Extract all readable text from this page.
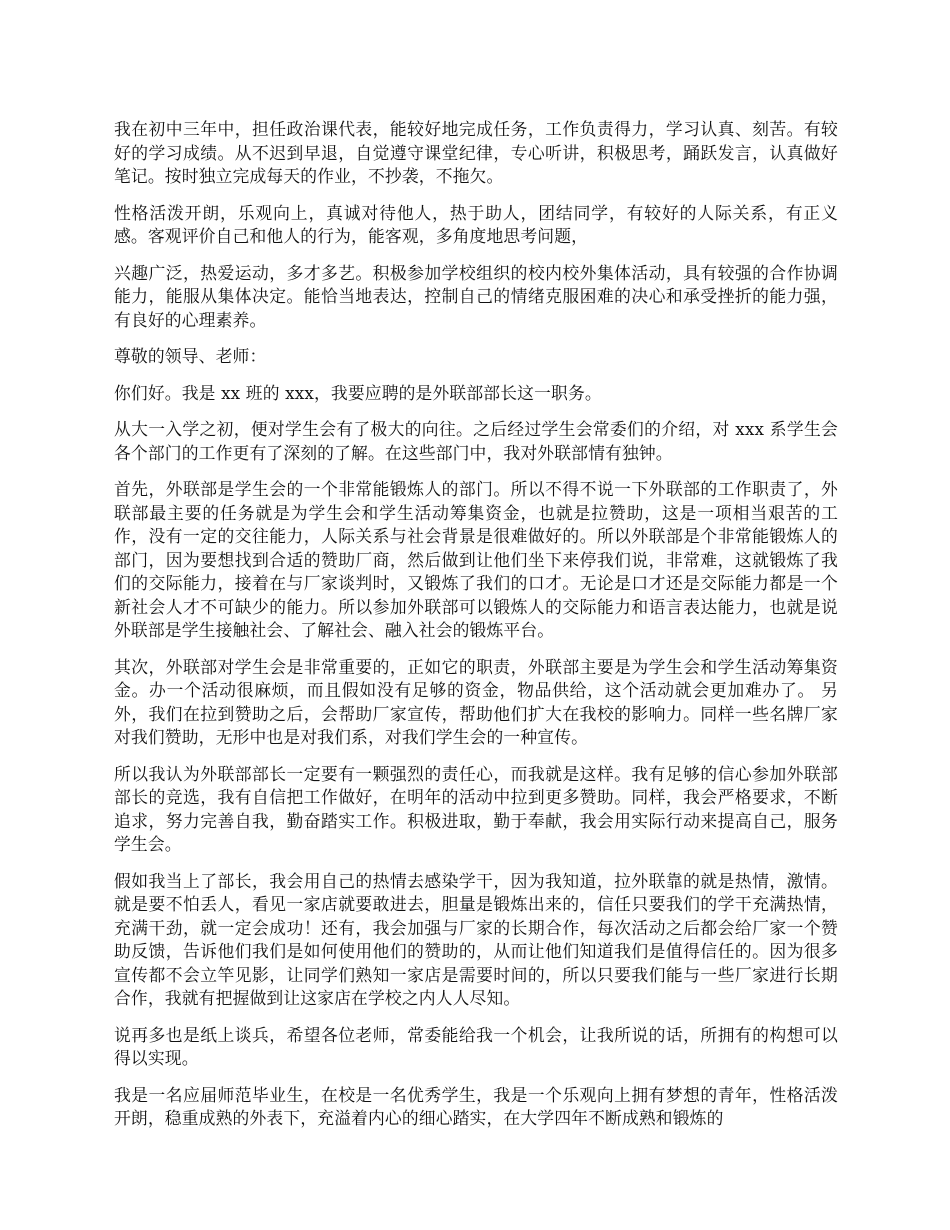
我在初中三年中，担任政治课代表，能较好地完成任务，工作负责得力，学习认真、刻苦。有较好的学习成绩。从不迟到早退，自觉遵守课堂纪律，专心听讲，积极思考，踊跃发言，认真做好笔记。按时独立完成每天的作业，不抄袭，不拖欠。

性格活泼开朗，乐观向上，真诚对待他人，热于助人，团结同学，有较好的人际关系，有正义感。客观评价自己和他人的行为，能客观，多角度地思考问题，

兴趣广泛，热爱运动，多才多艺。积极参加学校组织的校内校外集体活动，具有较强的合作协调能力，能服从集体决定。能恰当地表达，控制自己的情绪克服困难的决心和承受挫折的能力强，有良好的心理素养。

尊敬的领导、老师：

你们好。我是 xx 班的 xxx，我要应聘的是外联部部长这一职务。

从大一入学之初，便对学生会有了极大的向往。之后经过学生会常委们的介绍，对 xxx 系学生会各个部门的工作更有了深刻的了解。在这些部门中，我对外联部情有独钟。

首先，外联部是学生会的一个非常能锻炼人的部门。所以不得不说一下外联部的工作职责了，外联部最主要的任务就是为学生会和学生活动筹集资金，也就是拉赞助，这是一项相当艰苦的工作，没有一定的交往能力，人际关系与社会背景是很难做好的。所以外联部是个非常能锻炼人的部门，因为要想找到合适的赞助厂商，然后做到让他们坐下来停我们说，非常难，这就锻炼了我们的交际能力，接着在与厂家谈判时，又锻炼了我们的口才。无论是口才还是交际能力都是一个新社会人才不可缺少的能力。所以参加外联部可以锻炼人的交际能力和语言表达能力，也就是说外联部是学生接触社会、了解社会、融入社会的锻炼平台。

其次，外联部对学生会是非常重要的，正如它的职责，外联部主要是为学生会和学生活动筹集资金。办一个活动很麻烦，而且假如没有足够的资金，物品供给，这个活动就会更加难办了。 另外，我们在拉到赞助之后，会帮助厂家宣传，帮助他们扩大在我校的影响力。同样一些名牌厂家对我们赞助，无形中也是对我们系，对我们学生会的一种宣传。

所以我认为外联部部长一定要有一颗强烈的责任心，而我就是这样。我有足够的信心参加外联部部长的竞选，我有自信把工作做好，在明年的活动中拉到更多赞助。同样，我会严格要求，不断追求，努力完善自我，勤奋踏实工作。积极进取，勤于奉献，我会用实际行动来提高自己，服务学生会。

假如我当上了部长，我会用自己的热情去感染学干，因为我知道，拉外联靠的就是热情，激情。就是要不怕丢人，看见一家店就要敢进去，胆量是锻炼出来的，信任只要我们的学干充满热情，充满干劲，就一定会成功！还有，我会加强与厂家的长期合作，每次活动之后都会给厂家一个赞助反馈，告诉他们我们是如何使用他们的赞助的，从而让他们知道我们是值得信任的。因为很多宣传都不会立竿见影，让同学们熟知一家店是需要时间的，所以只要我们能与一些厂家进行长期合作，我就有把握做到让这家店在学校之内人人尽知。

说再多也是纸上谈兵，希望各位老师，常委能给我一个机会，让我所说的话，所拥有的构想可以得以实现。

我是一名应届师范毕业生，在校是一名优秀学生，我是一个乐观向上拥有梦想的青年，性格活泼开朗，稳重成熟的外表下，充溢着内心的细心踏实，在大学四年不断成熟和锻炼的
